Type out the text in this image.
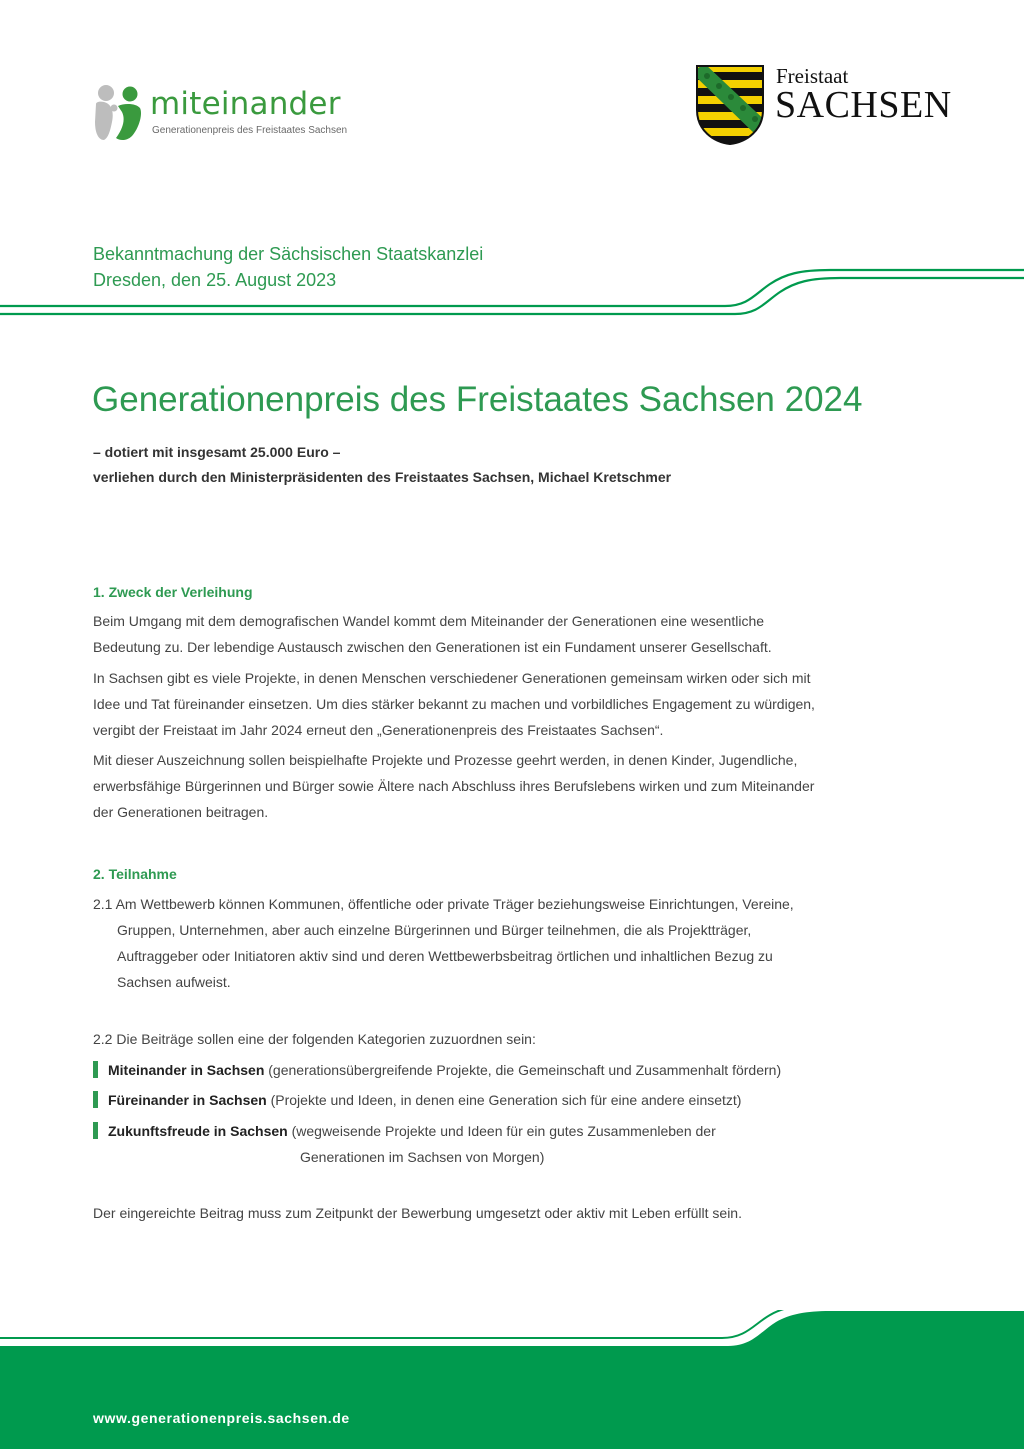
miteinander
Generationenpreis des Freistaates Sachsen
Freistaat
SACHSEN
Bekanntmachung der Sächsischen Staatskanzlei
Dresden, den 25. August 2023
Generationenpreis des Freistaates Sachsen 2024
– dotiert mit insgesamt 25.000 Euro –
verliehen durch den Ministerpräsidenten des Freistaates Sachsen, Michael Kretschmer
1. Zweck der Verleihung
Beim Umgang mit dem demografischen Wandel kommt dem Miteinander der Generationen eine wesentliche
Bedeutung zu. Der lebendige Austausch zwischen den Generationen ist ein Fundament unserer Gesellschaft.
In Sachsen gibt es viele Projekte, in denen Menschen verschiedener Generationen gemeinsam wirken oder sich mit
Idee und Tat füreinander einsetzen. Um dies stärker bekannt zu machen und vorbildliches Engagement zu würdigen,
vergibt der Freistaat im Jahr 2024 erneut den „Generationenpreis des Freistaates Sachsen“.
Mit dieser Auszeichnung sollen beispielhafte Projekte und Prozesse geehrt werden, in denen Kinder, Jugendliche,
erwerbsfähige Bürgerinnen und Bürger sowie Ältere nach Abschluss ihres Berufslebens wirken und zum Miteinander
der Generationen beitragen.
2. Teilnahme
2.1 Am Wettbewerb können Kommunen, öffentliche oder private Träger beziehungsweise Einrichtungen, Vereine,
Gruppen, Unternehmen, aber auch einzelne Bürgerinnen und Bürger teilnehmen, die als Projektträger,
Auftraggeber oder Initiatoren aktiv sind und deren Wettbewerbsbeitrag örtlichen und inhaltlichen Bezug zu
Sachsen aufweist.
2.2 Die Beiträge sollen eine der folgenden Kategorien zuzuordnen sein:
Miteinander in Sachsen (generationsübergreifende Projekte, die Gemeinschaft und Zusammenhalt fördern)
Füreinander in Sachsen (Projekte und Ideen, in denen eine Generation sich für eine andere einsetzt)
Zukunftsfreude in Sachsen (wegweisende Projekte und Ideen für ein gutes Zusammenleben der
Generationen im Sachsen von Morgen)
Der eingereichte Beitrag muss zum Zeitpunkt der Bewerbung umgesetzt oder aktiv mit Leben erfüllt sein.
www.generationenpreis.sachsen.de
